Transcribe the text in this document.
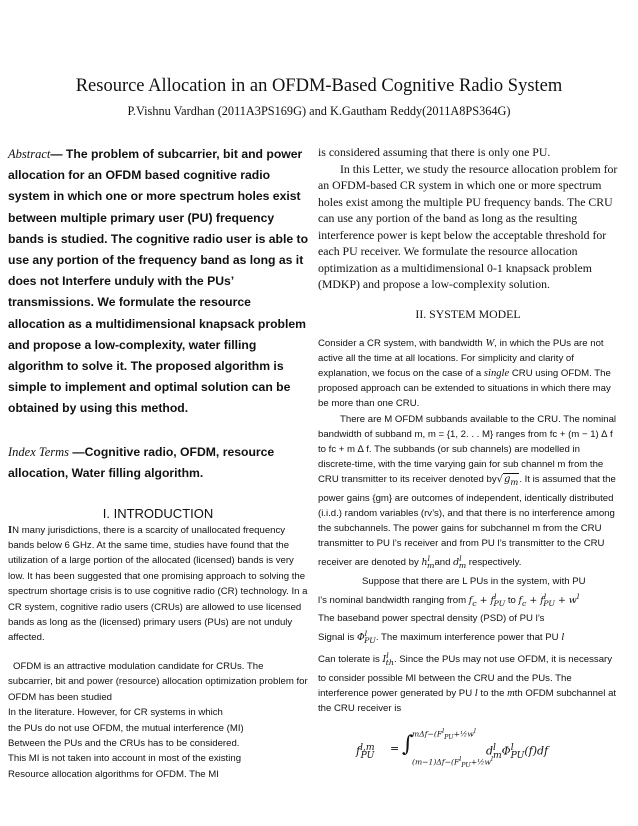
Resource Allocation in an OFDM-Based Cognitive Radio System
P.Vishnu Vardhan (2011A3PS169G) and K.Gautham Reddy(2011A8PS364G)

Abstract— The problem of subcarrier, bit and power allocation for an OFDM based cognitive radio system in which one or more spectrum holes exist between multiple primary user (PU) frequency bands is studied. The cognitive radio user is able to use any portion of the frequency band as long as it does not Interfere unduly with the PUs’ transmissions. We formulate the resource allocation as a multidimensional knapsack problem and propose a low-complexity, water filling algorithm to solve it. The proposed algorithm is simple to implement and optimal solution can be obtained by using this method.

Index Terms —Cognitive radio, OFDM, resource allocation, Water filling algorithm.

I. INTRODUCTION

IN many jurisdictions, there is a scarcity of unallocated frequency bands below 6 GHz. At the same time, studies have found that the utilization of a large portion of the allocated (licensed) bands is very low. It has been suggested that one promising approach to solving the spectrum shortage crisis is to use cognitive radio (CR) technology. In a CR system, cognitive radio users (CRUs) are allowed to use licensed bands as long as the (licensed) primary users (PUs) are not unduly affected.

OFDM is an attractive modulation candidate for CRUs. The subcarrier, bit and power (resource) allocation optimization problem for OFDM has been studied

In the literature. However, for CR systems in which

the PUs do not use OFDM, the mutual interference (MI)

Between the PUs and the CRUs has to be considered.

This MI is not taken into account in most of the existing

Resource allocation algorithms for OFDM. The MI

is considered assuming that there is only one PU.

In this Letter, we study the resource allocation problem for an OFDM-based CR system in which one or more spectrum holes exist among the multiple PU frequency bands. The CRU can use any portion of the band as long as the resulting interference power is kept below the acceptable threshold for each PU receiver. We formulate the resource allocation optimization as a multidimensional 0-1 knapsack problem (MDKP) and propose a low-complexity solution.

II. SYSTEM MODEL

Consider a CR system, with bandwidth W, in which the PUs are not active all the time at all locations. For simplicity and clarity of explanation, we focus on the case of a single CRU using OFDM. The proposed approach can be extended to situations in which there may be more than one CRU.

There are M OFDM subbands available to the CRU. The nominal bandwidth of subband m, m = {1, 2. . . M} ranges from fc + (m − 1) ∆ f to fc + m ∆ f. The subbands (or sub channels) are modelled in discrete-time, with the time varying gain for sub channel m from the CRU transmitter to its receiver denoted $by√g_m$. It is assumed that the power gains {gm} are outcomes of independent, identically distributed (i.i.d.) random variables (rv’s), and that there is no interference among the subchannels. The power gains for subchannel m from the CRU transmitter to PU l’s receiver and from PU l’s transmitter to the CRU receiver are denoted by $h^l_mand$ $d^l_m$ respectively.

Suppose that there are L PUs in the system, with PU

l’s nominal bandwidth ranging from $f_c + f^l_{PU}$ to $f_c + f^l_{PU} + w^l$

The baseband power spectral density (PSD) of PU l’s

Signal is $\Phi^l_{PU}$. The maximum interference power that PU l

Can tolerate is $I^l_{th}$. Since the PUs may not use OFDM, it is necessary to consider possible MI between the CRU and the PUs. The interference power generated by PU l to the mth OFDM subchannel at the CRU receiver is

$f^{l,m}_{PU}$
= ∫
$m\Delta f-(F^l_{PU}+\frac{1}{2}w^l$
$(m-1)\Delta f-(F^l_{PU}+\frac{1}{2}w^l$
$d^l_m\Phi^l_{PU}(f)df$
